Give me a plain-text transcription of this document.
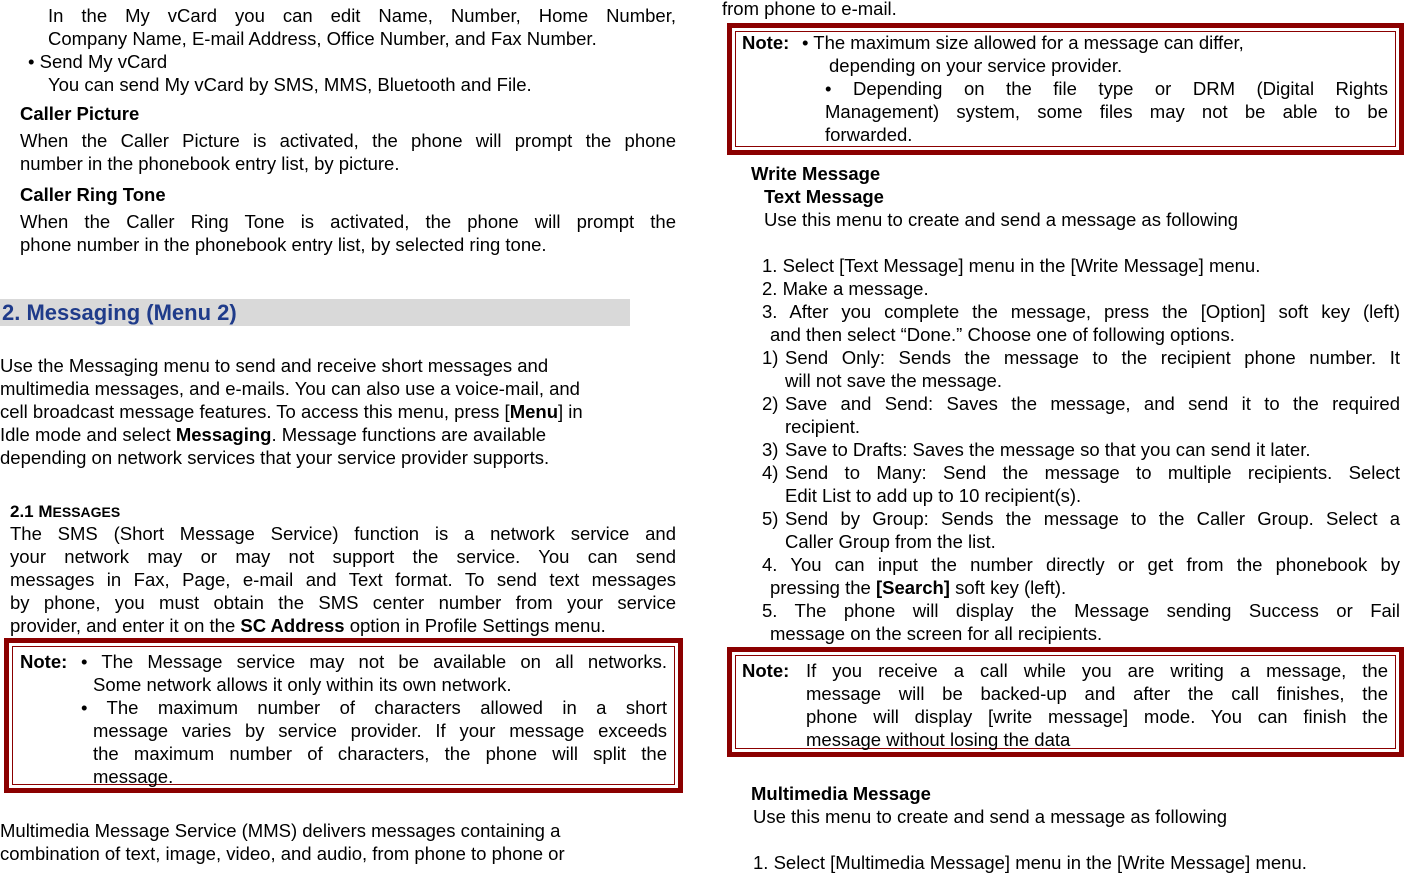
In the My vCard you can edit Name, Number, Home Number,
Company Name, E-mail Address, Office Number, and Fax Number.
• Send My vCard
You can send My vCard by SMS, MMS, Bluetooth and File.
Caller Picture
When the Caller Picture is activated, the phone will prompt the phone
number in the phonebook entry list, by picture.
Caller Ring Tone
When the Caller Ring Tone is activated, the phone will prompt the
phone number in the phonebook entry list, by selected ring tone.
2. Messaging (Menu 2)
Use the Messaging menu to send and receive short messages and
multimedia messages, and e-mails. You can also use a voice-mail, and
cell broadcast message features. To access this menu, press [Menu] in
Idle mode and select Messaging. Message functions are available
depending on network services that your service provider supports.
2.1 MESSAGES
The SMS (Short Message Service) function is a network service and
your network may or may not support the service. You can send
messages in Fax, Page, e-mail and Text format. To send text messages
by phone, you must obtain the SMS center number from your service
provider, and enter it on the SC Address option in Profile Settings menu.
Note: • The Message service may not be available on all networks.
Some network allows it only within its own network.
• The maximum number of characters allowed in a short
message varies by service provider. If your message exceeds
the maximum number of characters, the phone will split the
message.
Multimedia Message Service (MMS) delivers messages containing a
combination of text, image, video, and audio, from phone to phone or
from phone to e-mail.
Note: • The maximum size allowed for a message can differ,
depending on your service provider.
• Depending on the file type or DRM (Digital Rights
Management) system, some files may not be able to be
forwarded.
Write Message
Text Message
Use this menu to create and send a message as following
1. Select [Text Message] menu in the [Write Message] menu.
2. Make a message.
3. After you complete the message, press the [Option] soft key (left)
and then select “Done.” Choose one of following options.
1) Send Only: Sends the message to the recipient phone number. It
will not save the message.
2) Save and Send: Saves the message, and send it to the required
recipient.
3) Save to Drafts: Saves the message so that you can send it later.
4) Send to Many: Send the message to multiple recipients. Select
Edit List to add up to 10 recipient(s).
5) Send by Group: Sends the message to the Caller Group. Select a
Caller Group from the list.
4. You can input the number directly or get from the phonebook by
pressing the [Search] soft key (left).
5. The phone will display the Message sending Success or Fail
message on the screen for all recipients.
Note: If you receive a call while you are writing a message, the
message will be backed-up and after the call finishes, the
phone will display [write message] mode. You can finish the
message without losing the data
Multimedia Message
Use this menu to create and send a message as following
1. Select [Multimedia Message] menu in the [Write Message] menu.
